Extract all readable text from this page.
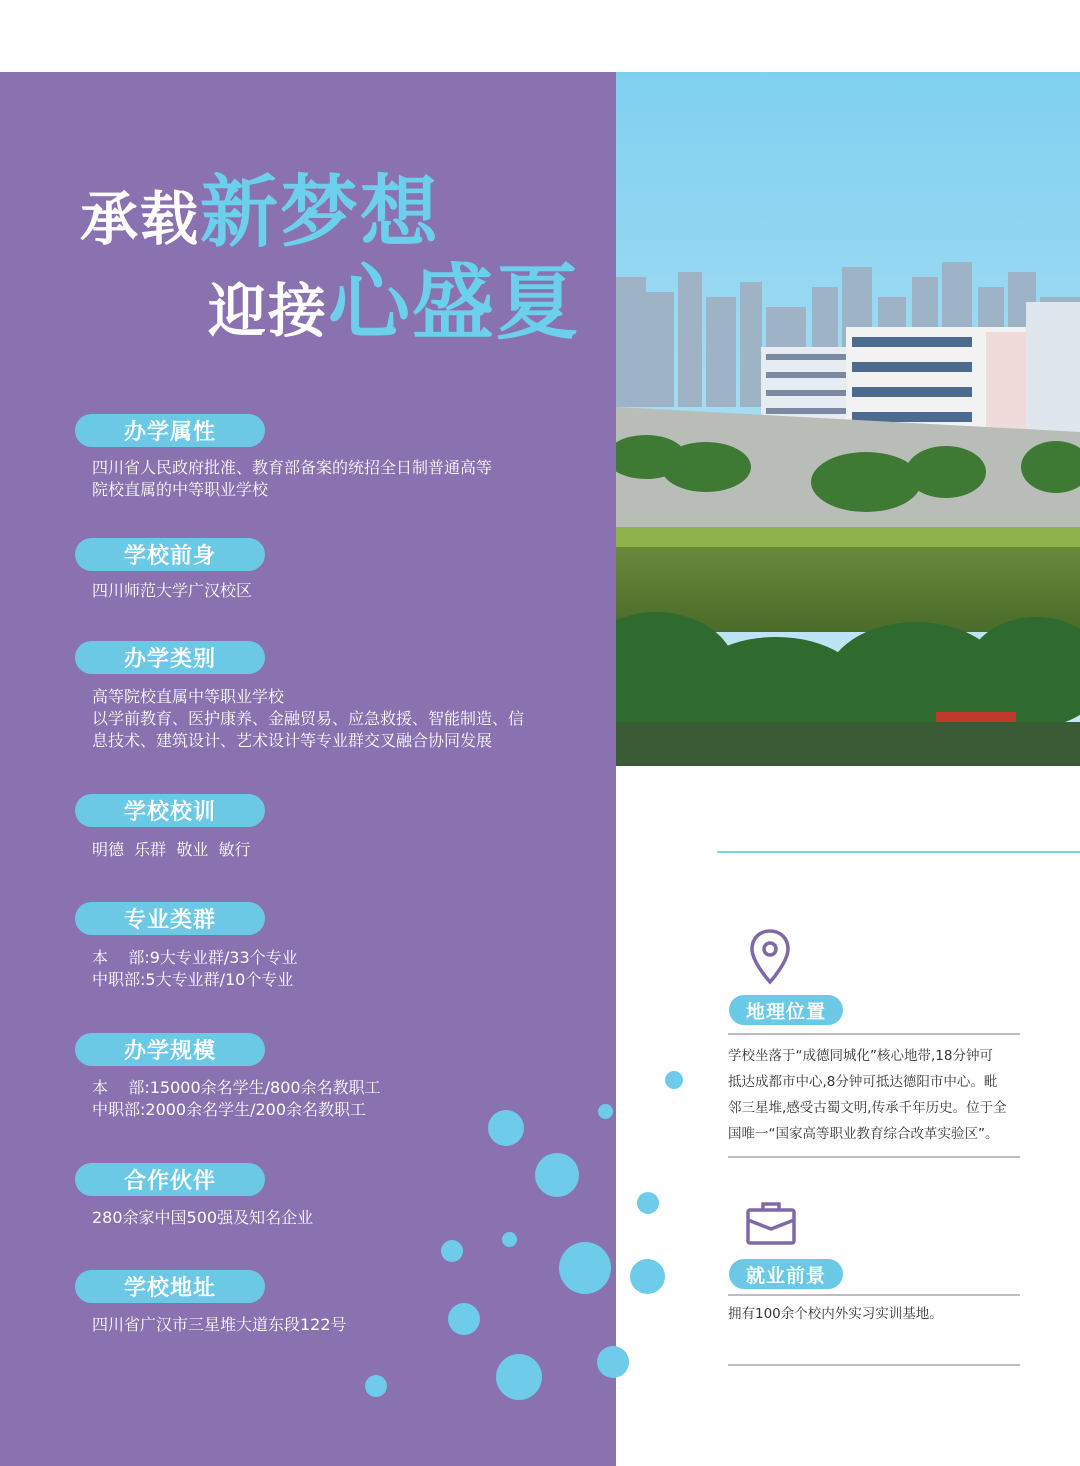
承载新梦想
迎接心盛夏
办学属性
四川省人民政府批准、教育部备案的统招全日制普通高等
院校直属的中等职业学校
学校前身
四川师范大学广汉校区
办学类别
高等院校直属中等职业学校
以学前教育、医护康养、金融贸易、应急救援、智能制造、信
息技术、建筑设计、艺术设计等专业群交叉融合协同发展
学校校训
明德  乐群  敬业  敏行
专业类群
本    部:9大专业群/33个专业
中职部:5大专业群/10个专业
办学规模
本    部:15000余名学生/800余名教职工
中职部:2000余名学生/200余名教职工
合作伙伴
280余家中国500强及知名企业
学校地址
四川省广汉市三星堆大道东段122号
地理位置
学校坐落于“成德同城化”核心地带,18分钟可
抵达成都市中心,8分钟可抵达德阳市中心。毗
邻三星堆,感受古蜀文明,传承千年历史。位于全
国唯一“国家高等职业教育综合改革实验区”。
就业前景
拥有100余个校内外实习实训基地。
